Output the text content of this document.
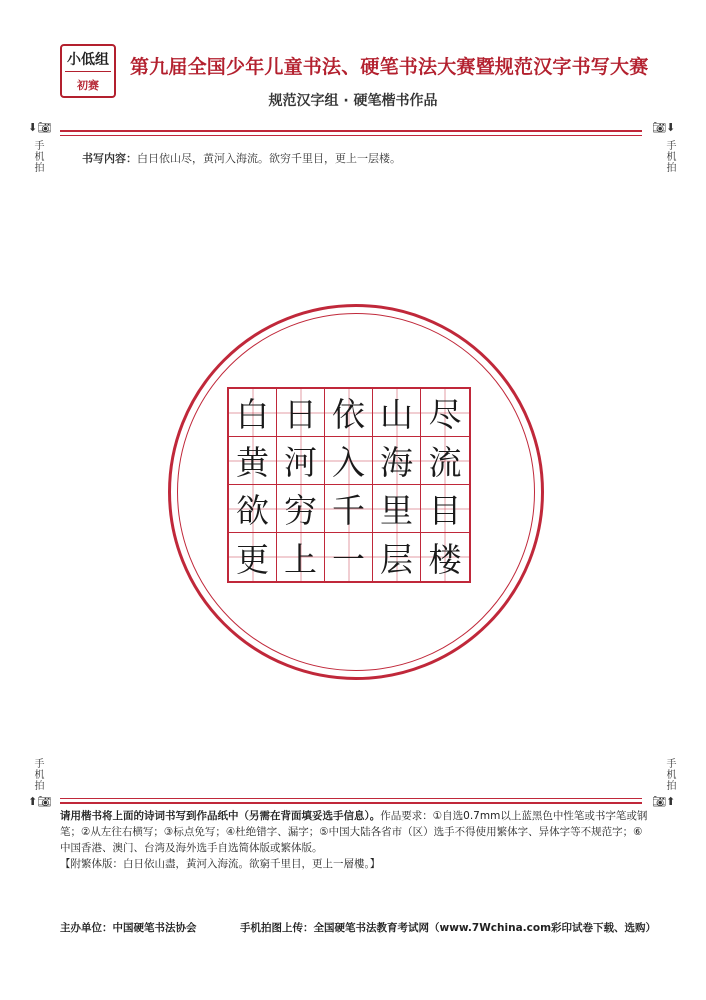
小低组
初赛
第九届全国少年儿童书法、硬笔书法大赛暨规范汉字书写大赛
规范汉字组 · 硬笔楷书作品
⬇📷︎
手机拍
📷︎⬇
手机拍
书写内容：白日依山尽，黄河入海流。欲穷千里目，更上一层楼。
白 日 依 山 尽
黄 河 入 海 流
欲 穷 千 里 目
更 上 一 层 楼
手机拍
⬆📷︎
手机拍
📷︎⬆
请用楷书将上面的诗词书写到作品纸中（另需在背面填妥选手信息）。作品要求：①自选0.7mm以上蓝黑色中性笔或书字笔或钢笔；②从左往右横写；③标点免写；④杜绝错字、漏字；⑤中国大陆各省市（区）选手不得使用繁体字、异体字等不规范字；⑥中国香港、澳门、台湾及海外选手自选简体版或繁体版。
【附繁体版：白日依山盡，黃河入海流。欲窮千里目，更上一層樓。】
主办单位：中国硬笔书法协会	手机拍图上传：全国硬笔书法教育考试网（www.7Wchina.com彩印试卷下载、选购）
